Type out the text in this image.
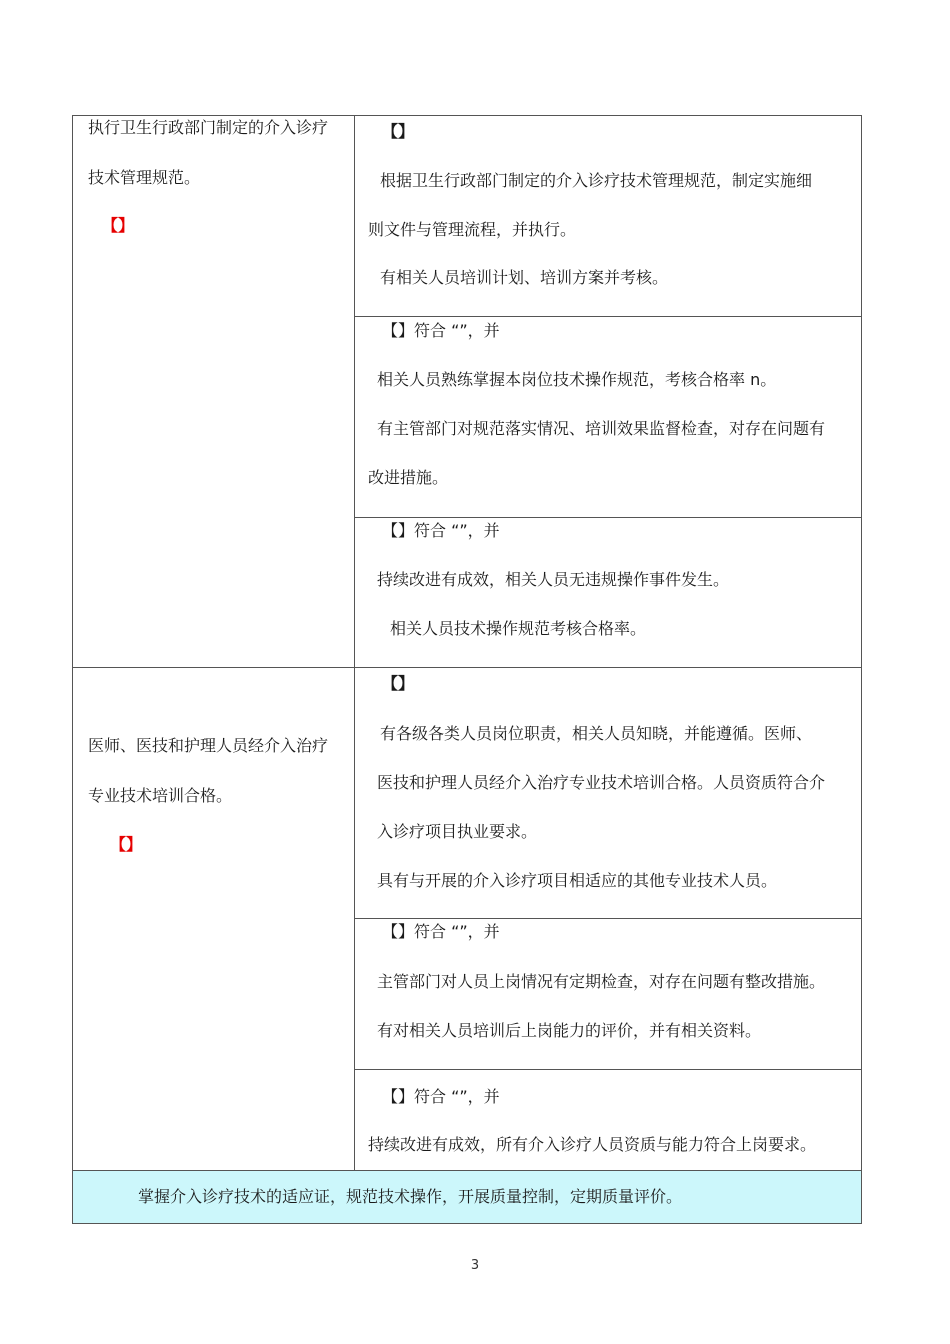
执行卫生行政部门制定的介入诊疗
技术管理规范。
【】
【】
根据卫生行政部门制定的介入诊疗技术管理规范，制定实施细
则文件与管理流程，并执行。
有相关人员培训计划、培训方案并考核。
【】符合 “”，并
相关人员熟练掌握本岗位技术操作规范，考核合格率 n。
有主管部门对规范落实情况、培训效果监督检查，对存在问题有
改进措施。
【】符合 “”，并
持续改进有成效，相关人员无违规操作事件发生。
相关人员技术操作规范考核合格率。
医师、医技和护理人员经介入治疗
专业技术培训合格。
【】
【】
有各级各类人员岗位职责，相关人员知晓，并能遵循。医师、
医技和护理人员经介入治疗专业技术培训合格。人员资质符合介
入诊疗项目执业要求。
具有与开展的介入诊疗项目相适应的其他专业技术人员。
【】符合 “”，并
主管部门对人员上岗情况有定期检查，对存在问题有整改措施。
有对相关人员培训后上岗能力的评价，并有相关资料。
【】符合 “”，并
持续改进有成效，所有介入诊疗人员资质与能力符合上岗要求。
掌握介入诊疗技术的适应证，规范技术操作，开展质量控制，定期质量评价。
3
